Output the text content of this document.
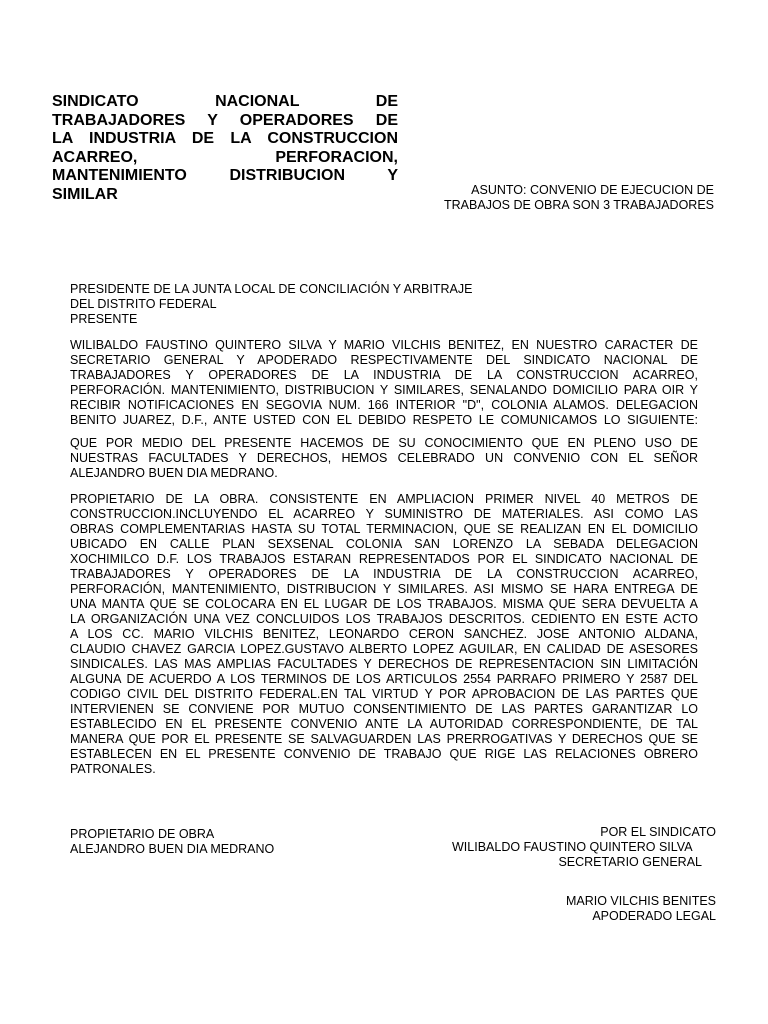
SINDICATO NACIONAL DE
TRABAJADORES Y OPERADORES DE
LA INDUSTRIA DE LA CONSTRUCCION
ACARREO, PERFORACION,
MANTENIMIENTO DISTRIBUCION Y
SIMILAR	ASUNTO: CONVENIO DE EJECUCION DE
TRABAJOS DE OBRA SON 3 TRABAJADORES
PRESIDENTE DE LA JUNTA LOCAL DE CONCILIACIÓN Y ARBITRAJE
DEL DISTRITO FEDERAL
PRESENTE
WILIBALDO FAUSTINO QUINTERO SILVA Y MARIO VILCHIS BENITEZ, EN NUESTRO CARACTER DE
SECRETARIO GENERAL Y APODERADO RESPECTIVAMENTE DEL SINDICATO NACIONAL DE
TRABAJADORES Y OPERADORES DE LA INDUSTRIA DE LA CONSTRUCCION ACARREO,
PERFORACIÓN. MANTENIMIENTO, DISTRIBUCION Y SIMILARES, SENALANDO DOMICILIO PARA OIR Y
RECIBIR NOTIFICACIONES EN SEGOVIA NUM. 166 INTERIOR "D", COLONIA ALAMOS. DELEGACION
BENITO JUAREZ, D.F., ANTE USTED CON EL DEBIDO RESPETO LE COMUNICAMOS LO SIGUIENTE:
QUE POR MEDIO DEL PRESENTE HACEMOS DE SU CONOCIMIENTO QUE EN PLENO USO DE
NUESTRAS FACULTADES Y DERECHOS, HEMOS CELEBRADO UN CONVENIO CON EL SEÑOR
ALEJANDRO BUEN DIA MEDRANO.
PROPIETARIO DE LA OBRA. CONSISTENTE EN AMPLIACION PRIMER NIVEL 40 METROS DE
CONSTRUCCION.INCLUYENDO EL ACARREO Y SUMINISTRO DE MATERIALES. ASI COMO LAS
OBRAS COMPLEMENTARIAS HASTA SU TOTAL TERMINACION, QUE SE REALIZAN EN EL DOMICILIO
UBICADO EN CALLE PLAN SEXSENAL COLONIA SAN LORENZO LA SEBADA DELEGACION
XOCHIMILCO D.F. LOS TRABAJOS ESTARAN REPRESENTADOS POR EL SINDICATO NACIONAL DE
TRABAJADORES Y OPERADORES DE LA INDUSTRIA DE LA CONSTRUCCION ACARREO,
PERFORACIÓN, MANTENIMIENTO, DISTRIBUCION Y SIMILARES. ASI MISMO SE HARA ENTREGA DE
UNA MANTA QUE SE COLOCARA EN EL LUGAR DE LOS TRABAJOS. MISMA QUE SERA DEVUELTA A
LA ORGANIZACIÓN UNA VEZ CONCLUIDOS LOS TRABAJOS DESCRITOS. CEDIENTO EN ESTE ACTO
A LOS CC. MARIO VILCHIS BENITEZ, LEONARDO CERON SANCHEZ. JOSE ANTONIO ALDANA,
CLAUDIO CHAVEZ GARCIA LOPEZ.GUSTAVO ALBERTO LOPEZ AGUILAR, EN CALIDAD DE ASESORES
SINDICALES. LAS MAS AMPLIAS FACULTADES Y DERECHOS DE REPRESENTACION SIN LIMITACIÓN
ALGUNA DE ACUERDO A LOS TERMINOS DE LOS ARTICULOS 2554 PARRAFO PRIMERO Y 2587 DEL
CODIGO CIVIL DEL DISTRITO FEDERAL.EN TAL VIRTUD Y POR APROBACION DE LAS PARTES QUE
INTERVIENEN SE CONVIENE POR MUTUO CONSENTIMIENTO DE LAS PARTES GARANTIZAR LO
ESTABLECIDO EN EL PRESENTE CONVENIO ANTE LA AUTORIDAD CORRESPONDIENTE, DE TAL
MANERA QUE POR EL PRESENTE SE SALVAGUARDEN LAS PRERROGATIVAS Y DERECHOS QUE SE
ESTABLECEN EN EL PRESENTE CONVENIO DE TRABAJO QUE RIGE LAS RELACIONES OBRERO
PATRONALES.
PROPIETARIO DE OBRA
ALEJANDRO BUEN DIA MEDRANO
POR EL SINDICATO
WILIBALDO FAUSTINO QUINTERO SILVA
SECRETARIO GENERAL
MARIO VILCHIS BENITES
APODERADO LEGAL
